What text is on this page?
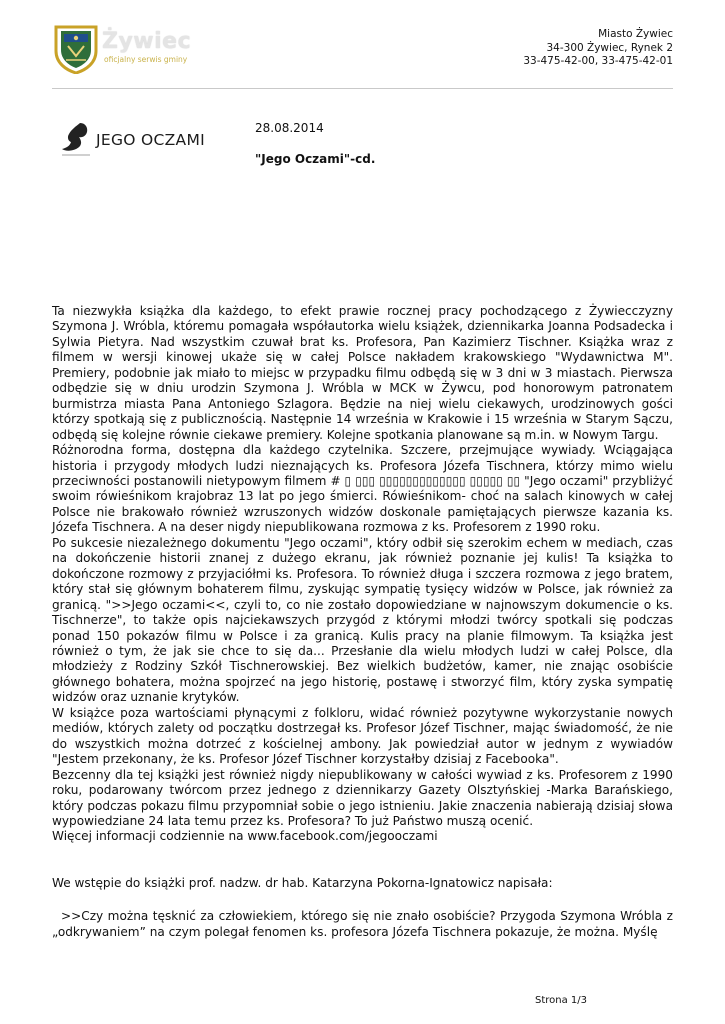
Żywiec
oficjalny serwis gminy
Miasto Żywiec
34-300 Żywiec, Rynek 2
33-475-42-00, 33-475-42-01
JEGO OCZAMI
28.08.2014
"Jego Oczami"-cd.

Ta niezwykła książka dla każdego, to efekt prawie rocznej pracy pochodzącego z Żywiecczyzny Szymona J. Wróbla, któremu pomagała współautorka wielu książek, dziennikarka Joanna Podsadecka i Sylwia Pietyra. Nad wszystkim czuwał brat ks. Profesora, Pan Kazimierz Tischner. Książka wraz z filmem w wersji kinowej ukaże się w całej Polsce nakładem krakowskiego "Wydawnictwa M". Premiery, podobnie jak miało to miejsc w przypadku filmu odbędą się w 3 dni w 3 miastach. Pierwsza odbędzie się w dniu urodzin Szymona J. Wróbla w MCK w Żywcu, pod honorowym patronatem burmistrza miasta Pana Antoniego Szlagora. Będzie na niej wielu ciekawych, urodzinowych gości którzy spotkają się z publicznością. Następnie 14 września w Krakowie i 15 września w Starym Sączu, odbędą się kolejne równie ciekawe premiery. Kolejne spotkania planowane są m.in. w Nowym Targu.

Różnorodna forma, dostępna dla każdego czytelnika. Szczere, przejmujące wywiady. Wciągająca historia i przygody młodych ludzi nieznających ks. Profesora Józefa Tischnera, którzy mimo wielu przeciwności postanowili nietypowym filmem # ▯ ▯▯▯ ▯▯▯▯▯▯▯▯▯▯▯▯▯ ▯▯▯▯▯ ▯▯ "Jego oczami" przybliżyć swoim rówieśnikom krajobraz 13 lat po jego śmierci. Rówieśnikom- choć na salach kinowych w całej Polsce nie brakowało również wzruszonych widzów doskonale pamiętających pierwsze kazania ks. Józefa Tischnera. A na deser nigdy niepublikowana rozmowa z ks. Profesorem z 1990 roku.

Po sukcesie niezależnego dokumentu "Jego oczami", który odbił się szerokim echem w mediach, czas na dokończenie historii znanej z dużego ekranu, jak również poznanie jej kulis! Ta książka to dokończone rozmowy z przyjaciółmi ks. Profesora. To również długa i szczera rozmowa z jego bratem, który stał się głównym bohaterem filmu, zyskując sympatię tysięcy widzów w Polsce, jak również za granicą. ">>Jego oczami<<, czyli to, co nie zostało dopowiedziane w najnowszym dokumencie o ks. Tischnerze", to także opis najciekawszych przygód z którymi młodzi twórcy spotkali się podczas ponad 150 pokazów filmu w Polsce i za granicą. Kulis pracy na planie filmowym. Ta książka jest również o tym, że jak sie chce to się da... Przesłanie dla wielu młodych ludzi w całej Polsce, dla młodzieży z Rodziny Szkół Tischnerowskiej. Bez wielkich budżetów, kamer, nie znając osobiście głównego bohatera, można spojrzeć na jego historię, postawę i stworzyć film, który zyska sympatię widzów oraz uznanie krytyków.

W książce poza wartościami płynącymi z folkloru, widać również pozytywne wykorzystanie nowych mediów, których zalety od początku dostrzegał ks. Profesor Józef Tischner, mając świadomość, że nie do wszystkich można dotrzeć z kościelnej ambony. Jak powiedział autor w jednym z wywiadów "Jestem przekonany, że ks. Profesor Józef Tischner korzystałby dzisiaj z Facebooka".

Bezcenny dla tej książki jest również nigdy niepublikowany w całości wywiad z ks. Profesorem z 1990 roku, podarowany twórcom przez jednego z dziennikarzy Gazety Olsztyńskiej -Marka Barańskiego, który podczas pokazu filmu przypomniał sobie o jego istnieniu. Jakie znaczenia nabierają dzisiaj słowa wypowiedziane 24 lata temu przez ks. Profesora? To już Państwo muszą ocenić.

Więcej informacji codziennie na www.facebook.com/jegooczami

We wstępie do książki prof. nadzw. dr hab. Katarzyna Pokorna-Ignatowicz napisała:

>>Czy można tęsknić za człowiekiem, którego się nie znało osobiście? Przygoda Szymona Wróbla z „odkrywaniem” na czym polegał fenomen ks. profesora Józefa Tischnera pokazuje, że można. Myślę

Strona 1/3
